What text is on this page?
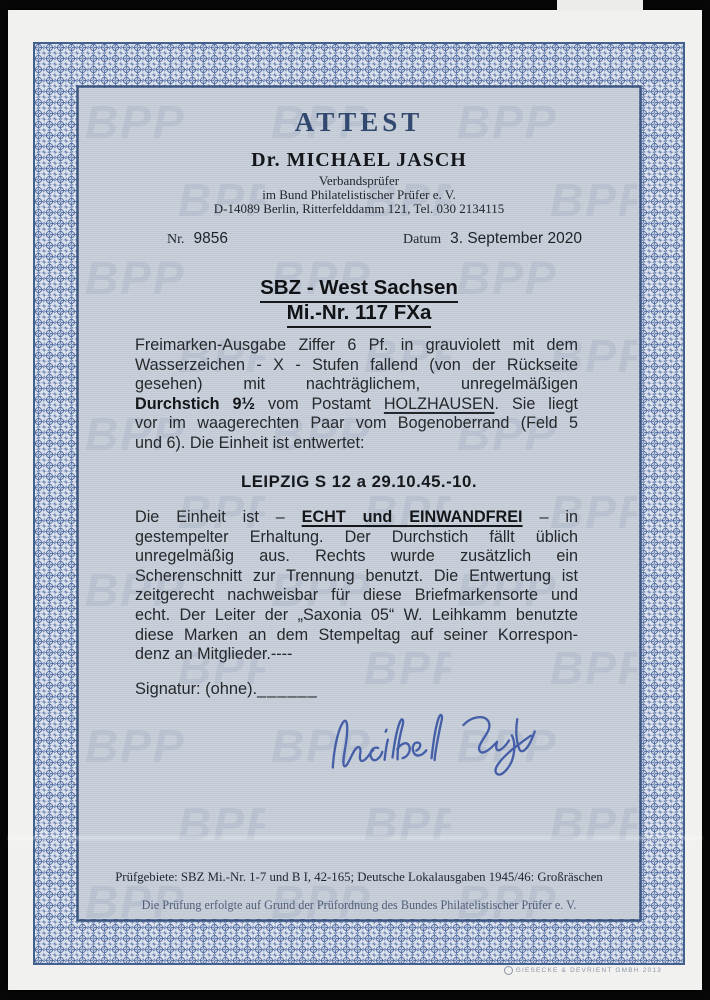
ATTEST
Dr. MICHAEL JASCH
Verbandsprüfer
im Bund Philatelistischer Prüfer e. V.
D-14089 Berlin, Ritterfelddamm 121, Tel. 030 2134115
Nr. 9856	Datum 3. September 2020
SBZ - West Sachsen
Mi.-Nr. 117 FXa
Freimarken-Ausgabe Ziffer 6 Pf. in grauviolett mit dem
Wasserzeichen - X - Stufen fallend (von der Rückseite
gesehen) mit nachträglichem, unregelmäßigen
Durchstich 9½ vom Postamt HOLZHAUSEN. Sie liegt
vor im waagerechten Paar vom Bogenoberrand (Feld 5
und 6). Die Einheit ist entwertet:
LEIPZIG S 12 a 29.10.45.-10.
Die Einheit ist – ECHT und EINWANDFREI – in
gestempelter Erhaltung. Der Durchstich fällt üblich
unregelmäßig aus. Rechts wurde zusätzlich ein
Scherenschnitt zur Trennung benutzt. Die Entwertung ist
zeitgerecht nachweisbar für diese Briefmarkensorte und
echt. Der Leiter der „Saxonia 05“ W. Leihkamm benutzte
diese Marken an dem Stempeltag auf seiner Korrespon-
denz an Mitglieder.----
Signatur: (ohne).______
Prüfgebiete: SBZ Mi.-Nr. 1-7 und B I, 42-165; Deutsche Lokalausgaben 1945/46: Großräschen
Die Prüfung erfolgte auf Grund der Prüfordnung des Bundes Philatelistischer Prüfer e. V.
GIESECKE & DEVRIENT GMBH 2013
